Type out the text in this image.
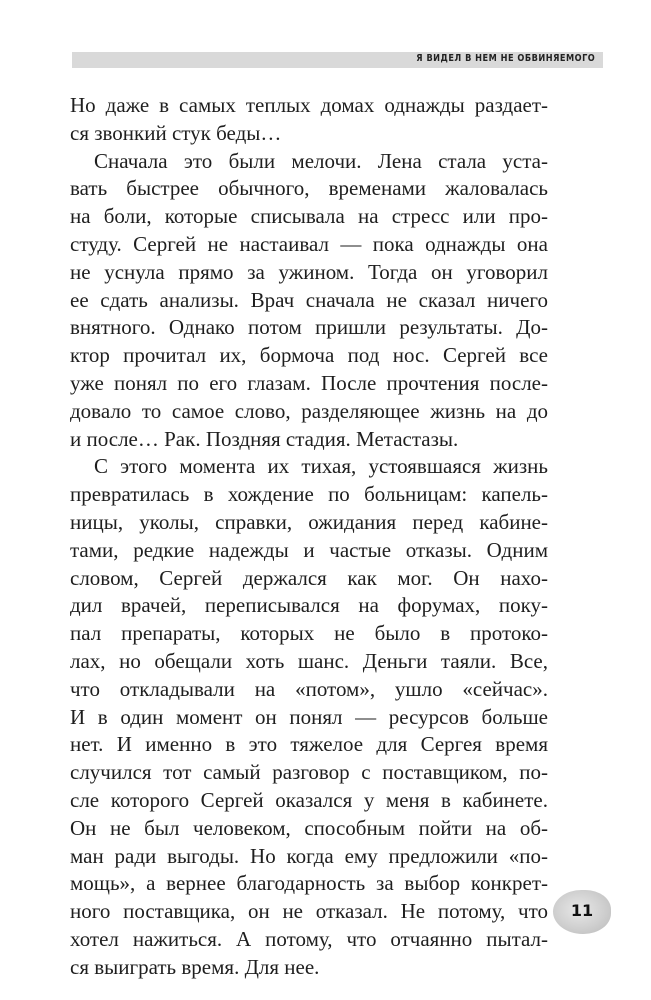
Я ВИДЕЛ В НЕМ НЕ ОБВИНЯЕМОГО
Но даже в самых теплых домах однажды раздает-
ся звонкий стук беды…
Сначала это были мелочи. Лена стала уста-
вать быстрее обычного, временами жаловалась
на боли, которые списывала на стресс или про-
студу. Сергей не настаивал — пока однажды она
не уснула прямо за ужином. Тогда он уговорил
ее сдать анализы. Врач сначала не сказал ничего
внятного. Однако потом пришли результаты. До-
ктор прочитал их, бормоча под нос. Сергей все
уже понял по его глазам. После прочтения после-
довало то самое слово, разделяющее жизнь на до
и после… Рак. Поздняя стадия. Метастазы.
С этого момента их тихая, устоявшаяся жизнь
превратилась в хождение по больницам: капель-
ницы, уколы, справки, ожидания перед кабине-
тами, редкие надежды и частые отказы. Одним
словом, Сергей держался как мог. Он нахо-
дил врачей, переписывался на форумах, поку-
пал препараты, которых не было в протоко-
лах, но обещали хоть шанс. Деньги таяли. Все,
что откладывали на «потом», ушло «сейчас».
И в один момент он понял — ресурсов больше
нет. И именно в это тяжелое для Сергея время
случился тот самый разговор с поставщиком, по-
сле которого Сергей оказался у меня в кабинете.
Он не был человеком, способным пойти на об-
ман ради выгоды. Но когда ему предложили «по-
мощь», а вернее благодарность за выбор конкрет-
ного поставщика, он не отказал. Не потому, что
хотел нажиться. А потому, что отчаянно пытал-
ся выиграть время. Для нее.
11
